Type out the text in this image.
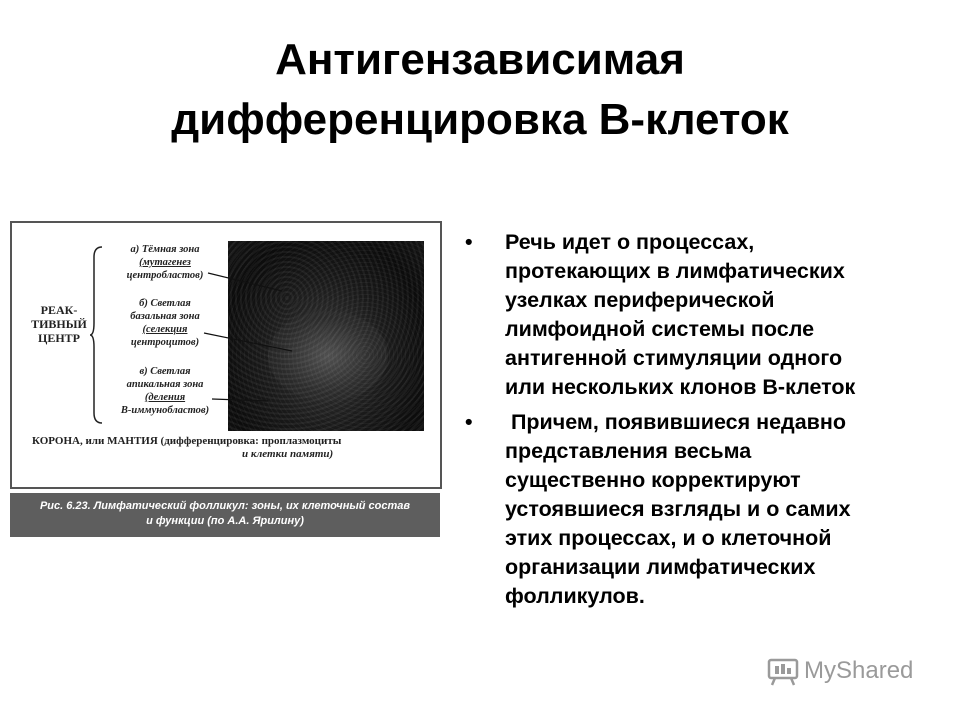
Антигензависимая
дифференцировка В-клеток
РЕАК-
ТИВНЫЙ
ЦЕНТР
а) Тёмная зона
(мутагенез
центробластов)
б) Светлая
базальная зона
(селекция
центроцитов)
в) Светлая
апикальная зона
(деления
В-иммунобластов)
КОРОНА, или МАНТИЯ (дифференцировка: проплазмоциты
и клетки памяти)
Рис. 6.23. Лимфатический фолликул: зоны, их клеточный состав
и функции (по А.А. Ярилину)
• Речь идет о процессах,
протекающих в лимфатических
узелках периферической
лимфоидной системы после
антигенной стимуляции одного
или нескольких клонов В-клеток
• Причем, появившиеся недавно
представления весьма
существенно корректируют
устоявшиеся взгляды и о самих
этих процессах, и о клеточной
организации лимфатических
фолликулов.
MyShared
